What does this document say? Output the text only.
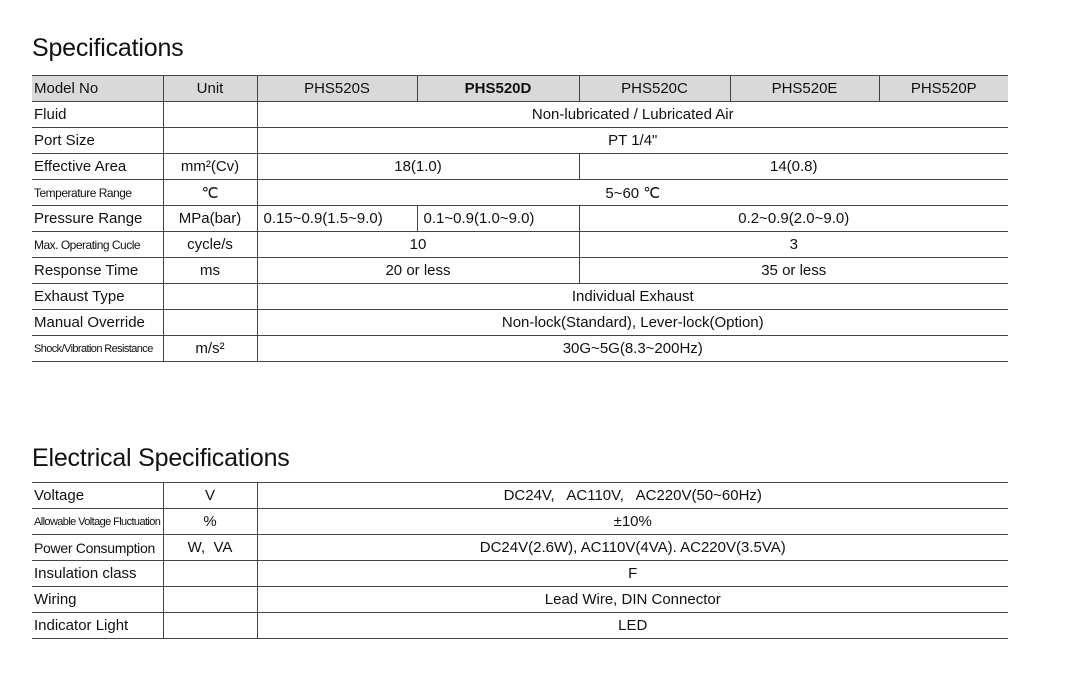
Specifications
Model No	Unit	PHS520S	PHS520D	PHS520C	PHS520E	PHS520P
Fluid		Non-lubricated / Lubricated Air				
Port Size		PT 1/4"				
Effective Area	mm²(Cv)	18(1.0)		14(0.8)		
Temperature Range	℃	5~60 ℃				
Pressure Range	MPa(bar)	0.15~0.9(1.5~9.0)	0.1~0.9(1.0~9.0)	0.2~0.9(2.0~9.0)		
Max. Operating Cucle	cycle/s	10		3		
Response Time	ms	20 or less		35 or less		
Exhaust Type		Individual Exhaust				
Manual Override		Non-lock(Standard), Lever-lock(Option)				
Shock/Vibration Resistance	m/s²	30G~5G(8.3~200Hz)				
Electrical Specifications
Voltage	V	DC24V,   AC110V,   AC220V(50~60Hz)
Allowable Voltage Fluctuation	%	±10%
Power Consumption	W,  VA	DC24V(2.6W), AC110V(4VA). AC220V(3.5VA)
Insulation class		F
Wiring		Lead Wire, DIN Connector
Indicator Light		LED
